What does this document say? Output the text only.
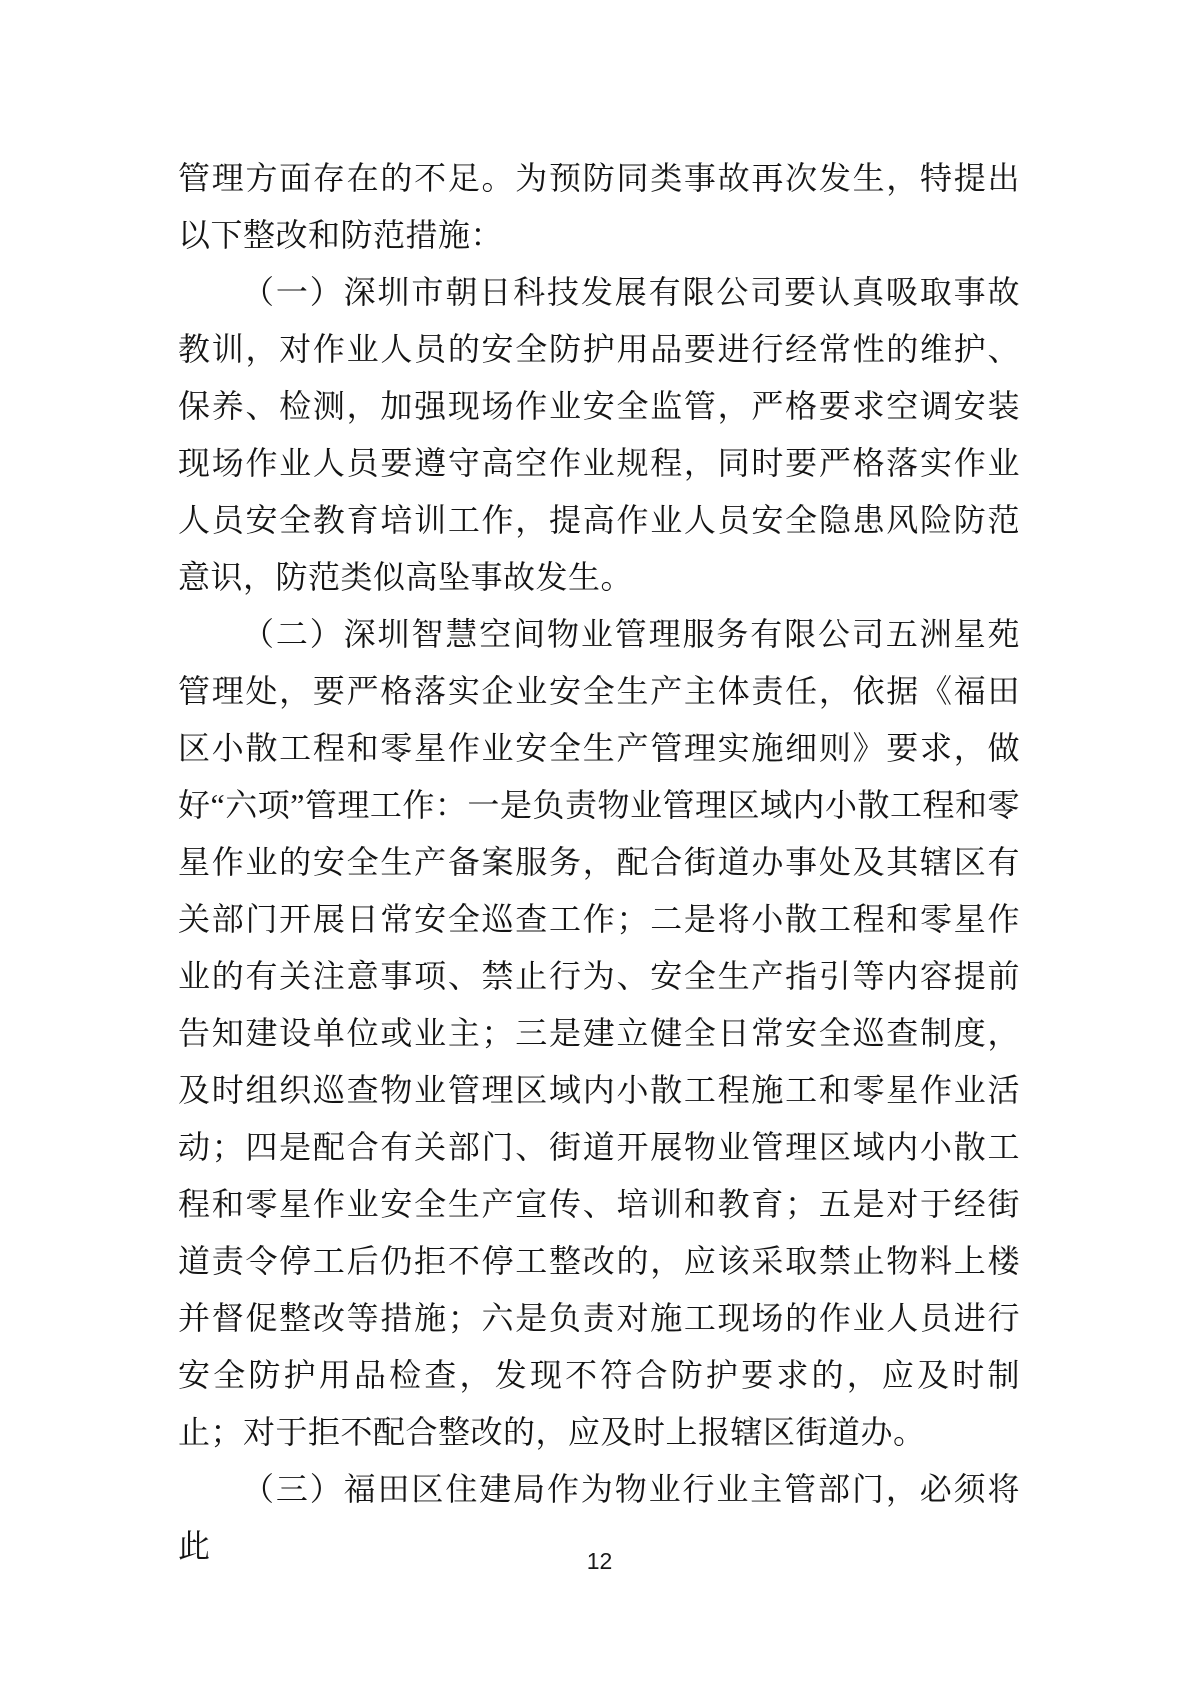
管理方面存在的不足。为预防同类事故再次发生，特提出以下整改和防范措施：

（一）深圳市朝日科技发展有限公司要认真吸取事故教训，对作业人员的安全防护用品要进行经常性的维护、保养、检测，加强现场作业安全监管，严格要求空调安装现场作业人员要遵守高空作业规程，同时要严格落实作业人员安全教育培训工作，提高作业人员安全隐患风险防范意识，防范类似高坠事故发生。

（二）深圳智慧空间物业管理服务有限公司五洲星苑管理处，要严格落实企业安全生产主体责任，依据《福田区小散工程和零星作业安全生产管理实施细则》要求，做好“六项”管理工作：一是负责物业管理区域内小散工程和零星作业的安全生产备案服务，配合街道办事处及其辖区有关部门开展日常安全巡查工作；二是将小散工程和零星作业的有关注意事项、禁止行为、安全生产指引等内容提前告知建设单位或业主；三是建立健全日常安全巡查制度，及时组织巡查物业管理区域内小散工程施工和零星作业活动；四是配合有关部门、街道开展物业管理区域内小散工程和零星作业安全生产宣传、培训和教育；五是对于经街道责令停工后仍拒不停工整改的，应该采取禁止物料上楼并督促整改等措施；六是负责对施工现场的作业人员进行安全防护用品检查，发现不符合防护要求的，应及时制止；对于拒不配合整改的，应及时上报辖区街道办。

（三）福田区住建局作为物业行业主管部门，必须将此	12
